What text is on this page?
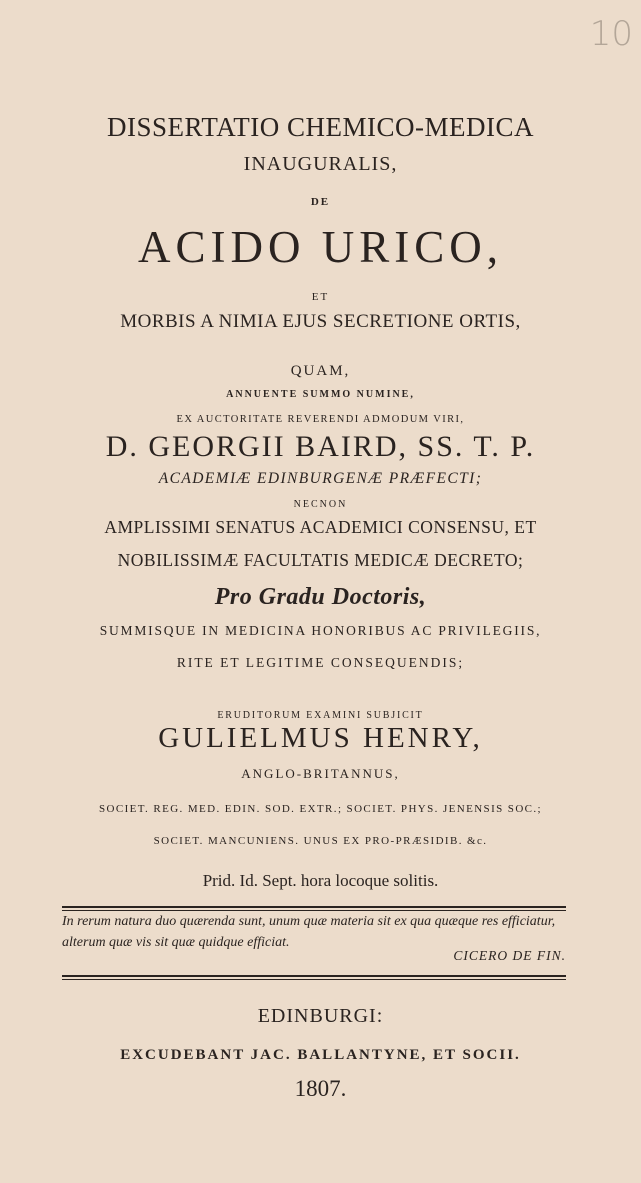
10
DISSERTATIO CHEMICO-MEDICA
INAUGURALIS,
DE
ACIDO URICO,
ET
MORBIS A NIMIA EJUS SECRETIONE ORTIS,
QUAM,
ANNUENTE SUMMO NUMINE,
EX AUCTORITATE REVERENDI ADMODUM VIRI,
D. GEORGII BAIRD, SS. T. P.
ACADEMIÆ EDINBURGENÆ PRÆFECTI;
NECNON
AMPLISSIMI SENATUS ACADEMICI CONSENSU, ET
NOBILISSIMÆ FACULTATIS MEDICÆ DECRETO;
Pro Gradu Doctoris,
SUMMISQUE IN MEDICINA HONORIBUS AC PRIVILEGIIS,
RITE ET LEGITIME CONSEQUENDIS;
ERUDITORUM EXAMINI SUBJICIT
GULIELMUS HENRY,
ANGLO-BRITANNUS,
SOCIET. REG. MED. EDIN. SOD. EXTR.; SOCIET. PHYS. JENENSIS SOC.;
SOCIET. MANCUNIENS. UNUS EX PRO-PRÆSIDIB. &c.
Prid. Id. Sept. hora locoque solitis.
In rerum natura duo quærenda sunt, unum quæ materia sit ex qua quæque res efficiatur, alterum quæ vis sit quæ quidque efficiat.
CICERO DE FIN.
EDINBURGI:
EXCUDEBANT JAC. BALLANTYNE, ET SOCII.
1807.
